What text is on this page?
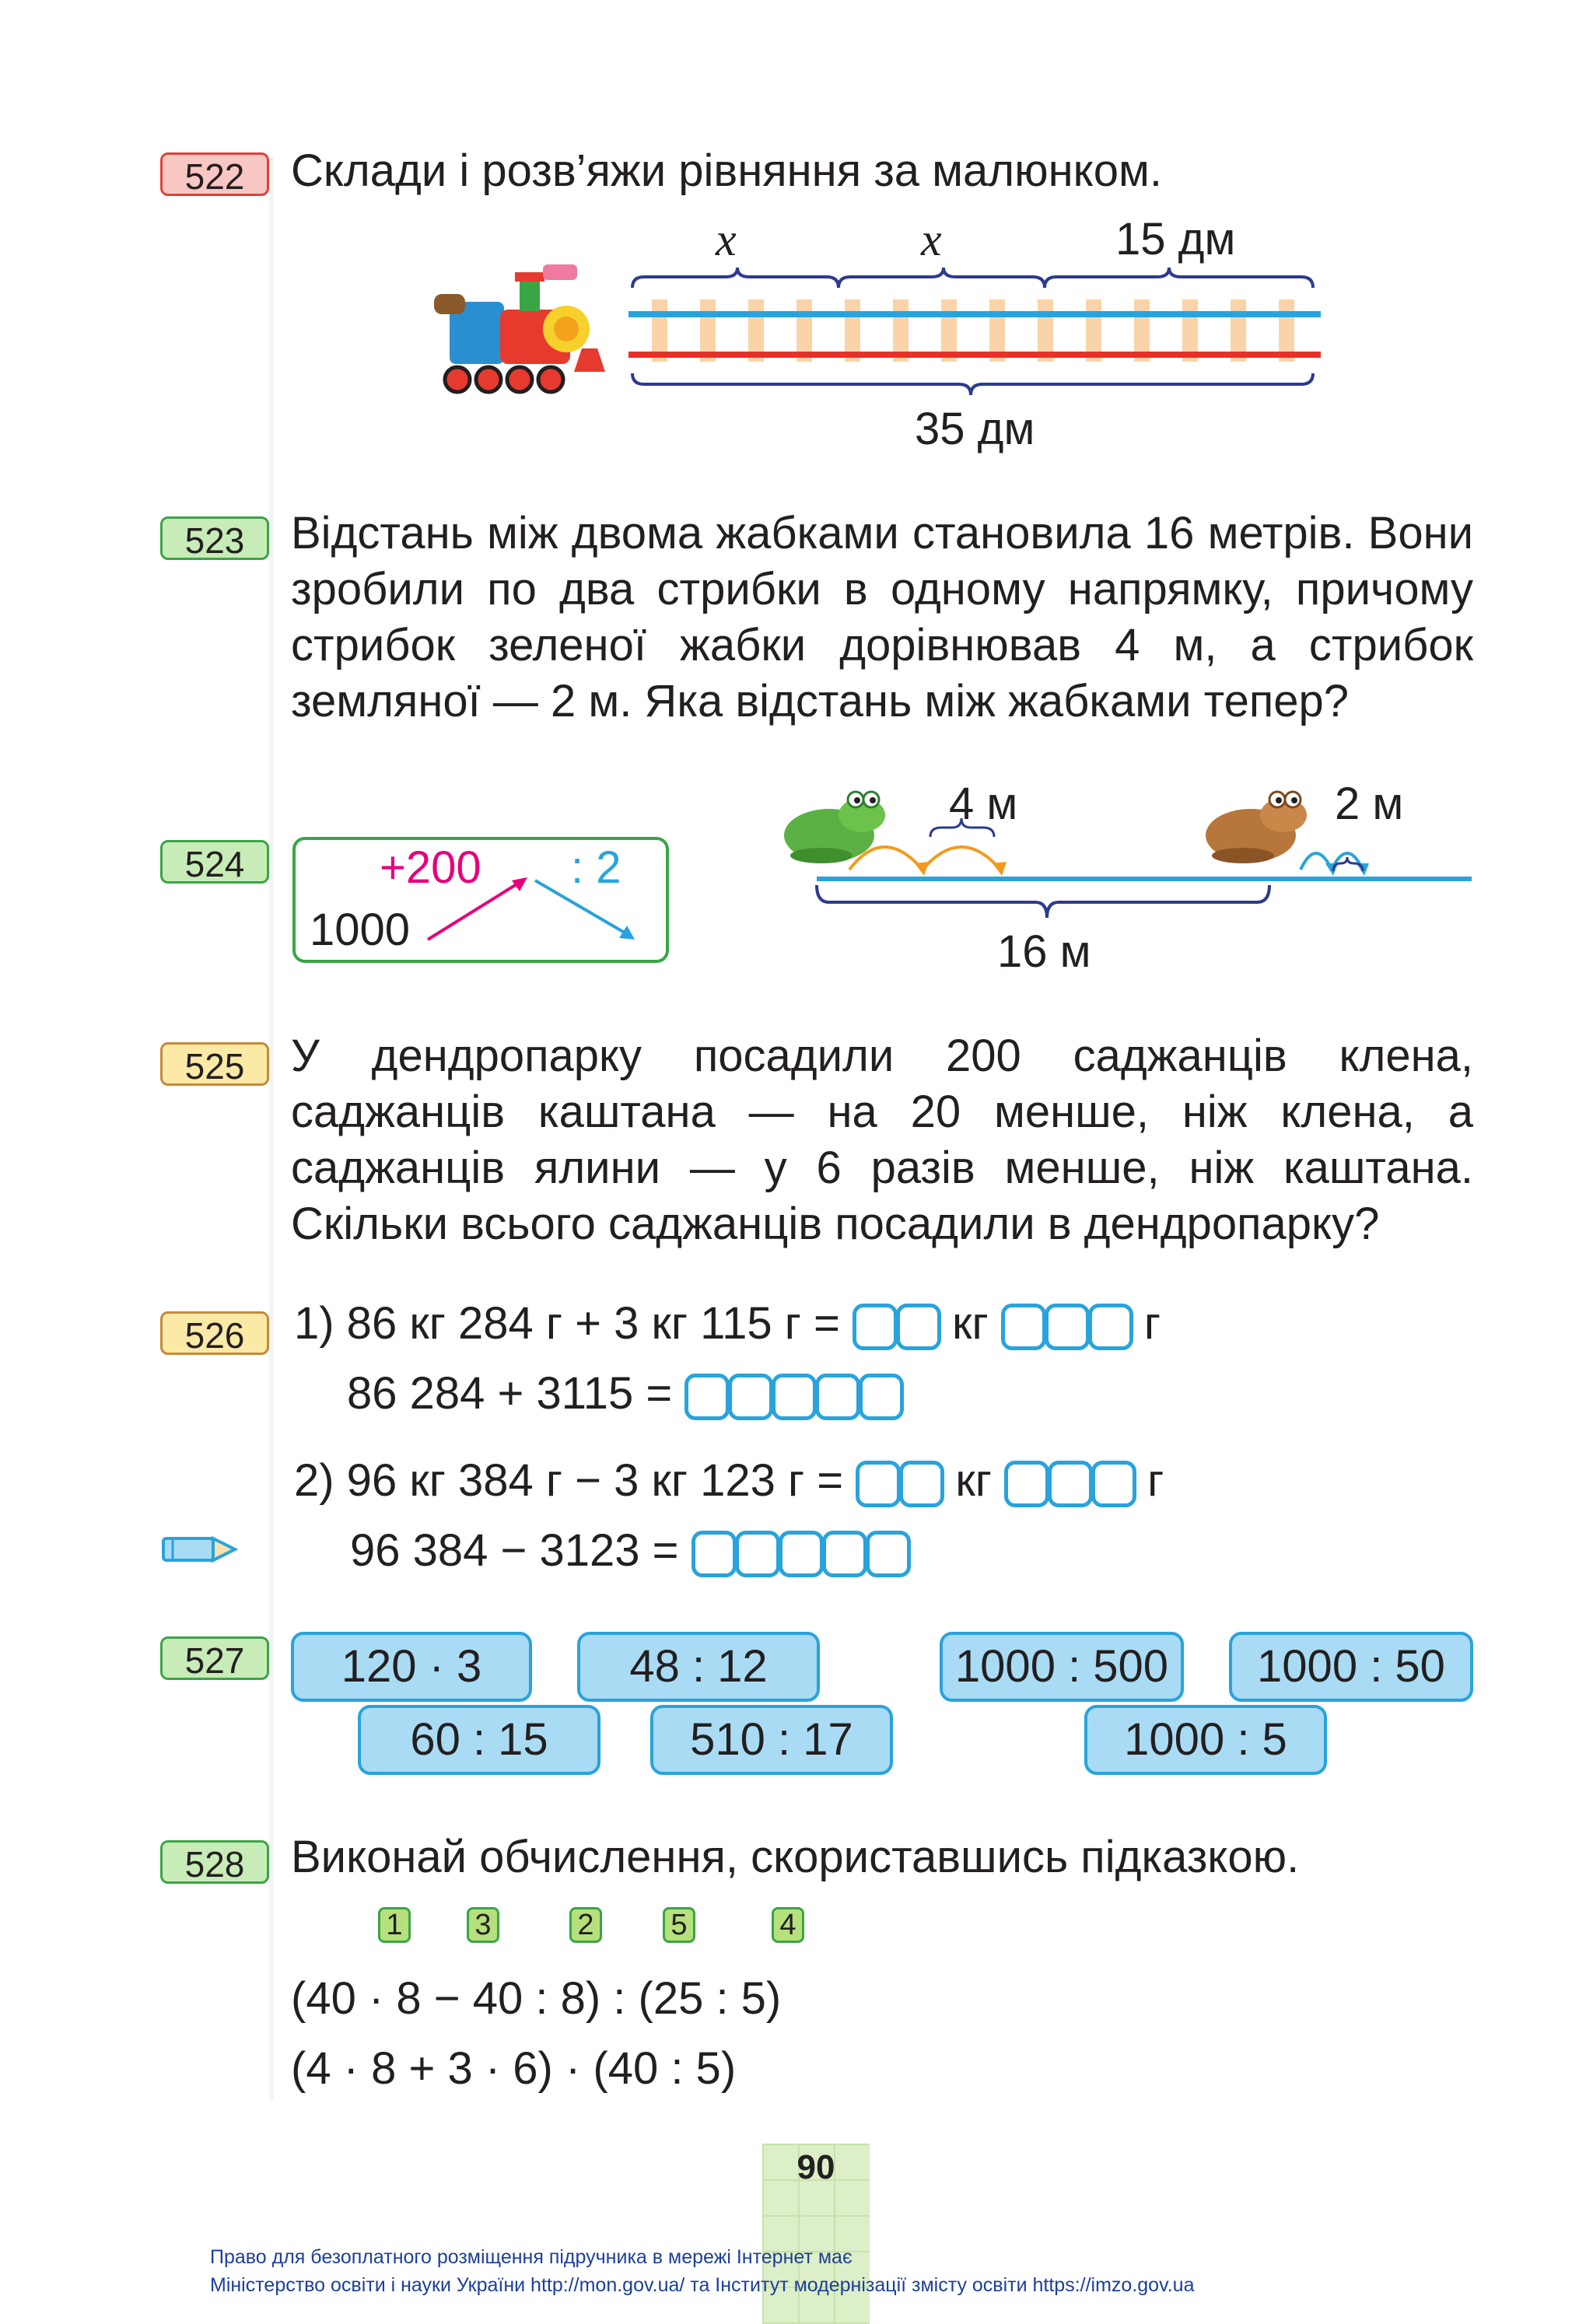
522	Склади і розв’яжи рівняння за малюнком.
x	x	15 дм
35 дм
523	Відстань між двома жабками становила 16 метрів. Вони зробили по два стрибки в одному напрямку, причому стрибок зеленої жабки дорівнював 4 м, а стрибок земляної — 2 м. Яка відстань між жабками тепер?
524
1000
+200 : 2
4 м	2 м
16 м
525	У дендропарку посадили 200 саджанців клена, саджанців каштана — на 20 менше, ніж клена, а саджанців ялини — у 6 разів менше, ніж каштана. Скільки всього саджанців посадили в дендропарку?
526	1) 86 кг 284 г + 3 кг 115 г = кг	г
86 284 + 3115 =
2) 96 кг 384 г − 3 кг 123 г = кг	г
96 384 − 3123 =
527	120 · 3	48 : 12
60 : 15	510 : 17
1000 : 500	1000 : 50
1000 : 5
528	Виконай обчислення, скориставшись підказкою.
1 3	2	5	4
(40 · 8 − 40 : 8) : (25 : 5)
(4 · 8 + 3 · 6) · (40 : 5)
90
Право для безоплатного розміщення підручника в мережі Інтернет має
Міністерство освіти і науки України http://mon.gov.ua/ та Інститут модернізації змісту освіти https://imzo.gov.ua
